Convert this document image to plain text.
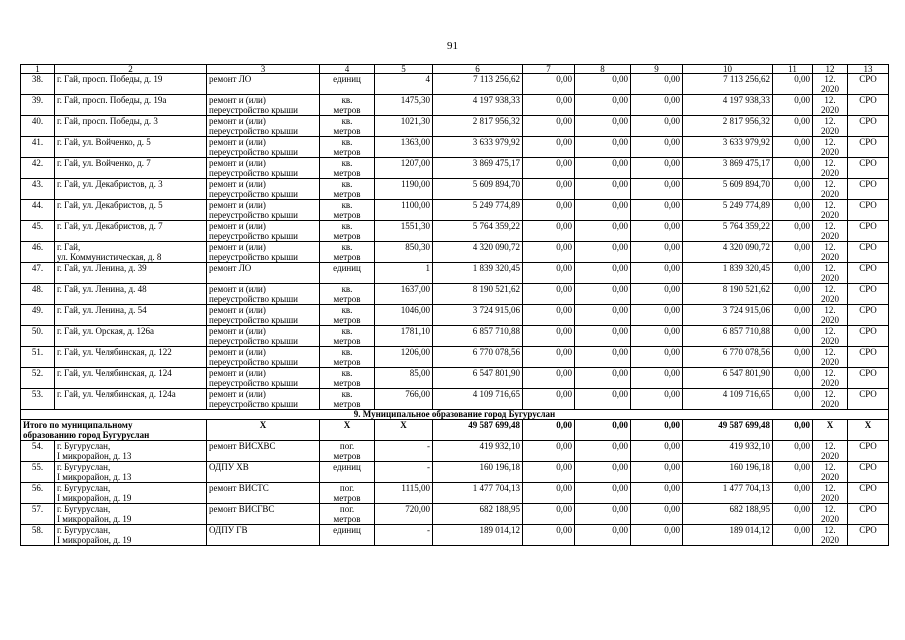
91
1	2	3	4	5	6	7	8	9	10	11	12	13
38.	г. Гай, просп. Победы, д. 19	ремонт ЛО	единиц	4	7 113 256,62	0,00	0,00	0,00	7 113 256,62	0,00	12.
2020	СРО
39.	г. Гай, просп. Победы, д. 19а	ремонт и (или)
переустройство крыши	кв.
метров	1475,30	4 197 938,33	0,00	0,00	0,00	4 197 938,33	0,00	12.
2020	СРО
40.	г. Гай, просп. Победы, д. 3	ремонт и (или)
переустройство крыши	кв.
метров	1021,30	2 817 956,32	0,00	0,00	0,00	2 817 956,32	0,00	12.
2020	СРО
41.	г. Гай, ул. Войченко, д. 5	ремонт и (или)
переустройство крыши	кв.
метров	1363,00	3 633 979,92	0,00	0,00	0,00	3 633 979,92	0,00	12.
2020	СРО
42.	г. Гай, ул. Войченко, д. 7	ремонт и (или)
переустройство крыши	кв.
метров	1207,00	3 869 475,17	0,00	0,00	0,00	3 869 475,17	0,00	12.
2020	СРО
43.	г. Гай, ул. Декабристов, д. 3	ремонт и (или)
переустройство крыши	кв.
метров	1190,00	5 609 894,70	0,00	0,00	0,00	5 609 894,70	0,00	12.
2020	СРО
44.	г. Гай, ул. Декабристов, д. 5	ремонт и (или)
переустройство крыши	кв.
метров	1100,00	5 249 774,89	0,00	0,00	0,00	5 249 774,89	0,00	12.
2020	СРО
45.	г. Гай, ул. Декабристов, д. 7	ремонт и (или)
переустройство крыши	кв.
метров	1551,30	5 764 359,22	0,00	0,00	0,00	5 764 359,22	0,00	12.
2020	СРО
46.	г. Гай,
ул. Коммунистическая, д. 8	ремонт и (или)
переустройство крыши	кв.
метров	850,30	4 320 090,72	0,00	0,00	0,00	4 320 090,72	0,00	12.
2020	СРО
47.	г. Гай, ул. Ленина, д. 39	ремонт ЛО	единиц	1	1 839 320,45	0,00	0,00	0,00	1 839 320,45	0,00	12.
2020	СРО
48.	г. Гай, ул. Ленина, д. 48	ремонт и (или)
переустройство крыши	кв.
метров	1637,00	8 190 521,62	0,00	0,00	0,00	8 190 521,62	0,00	12.
2020	СРО
49.	г. Гай, ул. Ленина, д. 54	ремонт и (или)
переустройство крыши	кв.
метров	1046,00	3 724 915,06	0,00	0,00	0,00	3 724 915,06	0,00	12.
2020	СРО
50.	г. Гай, ул. Орская, д. 126а	ремонт и (или)
переустройство крыши	кв.
метров	1781,10	6 857 710,88	0,00	0,00	0,00	6 857 710,88	0,00	12.
2020	СРО
51.	г. Гай, ул. Челябинская, д. 122	ремонт и (или)
переустройство крыши	кв.
метров	1206,00	6 770 078,56	0,00	0,00	0,00	6 770 078,56	0,00	12.
2020	СРО
52.	г. Гай, ул. Челябинская, д. 124	ремонт и (или)
переустройство крыши	кв.
метров	85,00	6 547 801,90	0,00	0,00	0,00	6 547 801,90	0,00	12.
2020	СРО
53.	г. Гай, ул. Челябинская, д. 124а	ремонт и (или)
переустройство крыши	кв.
метров	766,00	4 109 716,65	0,00	0,00	0,00	4 109 716,65	0,00	12.
2020	СРО
9. Муниципальное образование город Бугуруслан												
Итого по муниципальному
образованию город Бугуруслан		Х	Х	Х	49 587 699,48	0,00	0,00	0,00	49 587 699,48	0,00	Х	Х
54.	г. Бугуруслан,
I микрорайон, д. 13	ремонт ВИСХВС	пог.
метров	-	419 932,10	0,00	0,00	0,00	419 932,10	0,00	12.
2020	СРО
55.	г. Бугуруслан,
I микрорайон, д. 13	ОДПУ ХВ	единиц	-	160 196,18	0,00	0,00	0,00	160 196,18	0,00	12.
2020	СРО
56.	г. Бугуруслан,
I микрорайон, д. 19	ремонт ВИСТС	пог.
метров	1115,00	1 477 704,13	0,00	0,00	0,00	1 477 704,13	0,00	12.
2020	СРО
57.	г. Бугуруслан,
I микрорайон, д. 19	ремонт ВИСГВС	пог.
метров	720,00	682 188,95	0,00	0,00	0,00	682 188,95	0,00	12.
2020	СРО
58.	г. Бугуруслан,
I микрорайон, д. 19	ОДПУ ГВ	единиц	-	189 014,12	0,00	0,00	0,00	189 014,12	0,00	12.
2020	СРО
